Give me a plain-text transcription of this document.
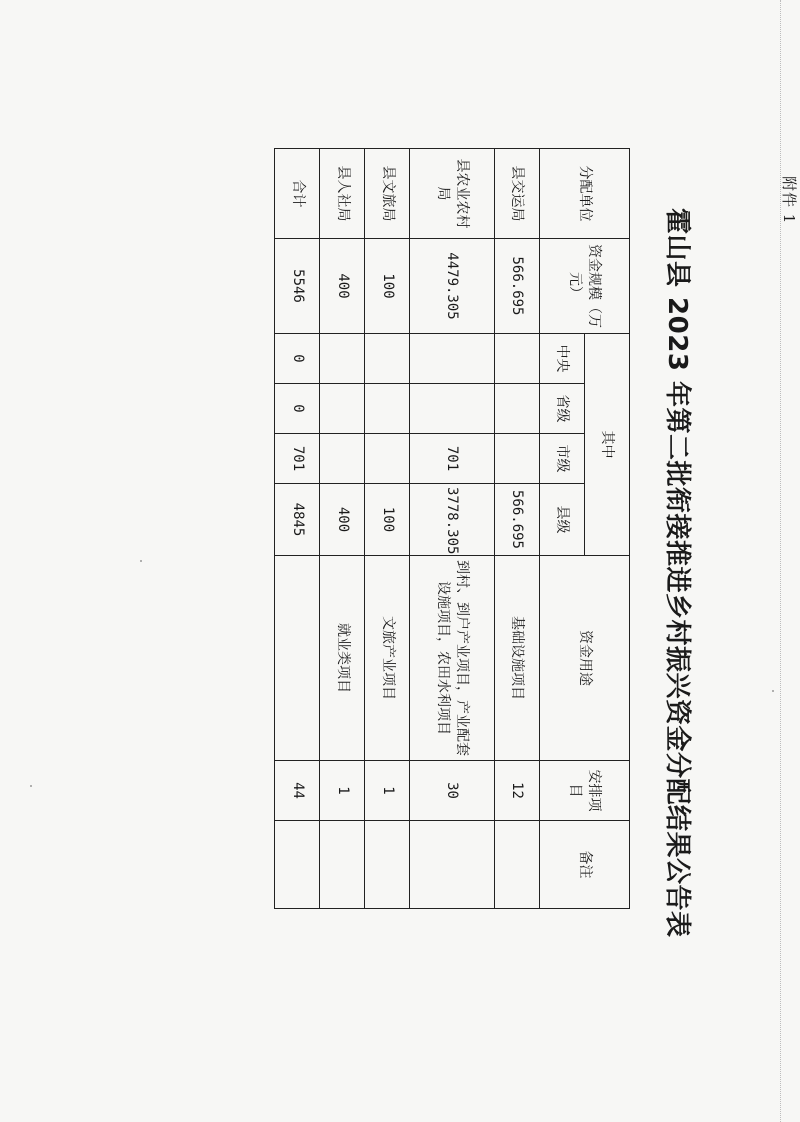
附件 1
霍山县 2023 年第二批衔接推进乡村振兴资金分配结果公告表
分配单位	资金规模（万元）	其中				资金用途	安排项目	备注
		中央	省级	市级	县级			
县交运局	566.695				566.695	基础设施项目	12	
县农业农村局	4479.305			701	3778.305	到村、到户产业项目，产业配套设施项目，农田水利项目	30	
县文旅局	100				100	文旅产业项目	1	
县人社局	400				400	就业类项目	1	
合计	5546	0	0	701	4845		44	
